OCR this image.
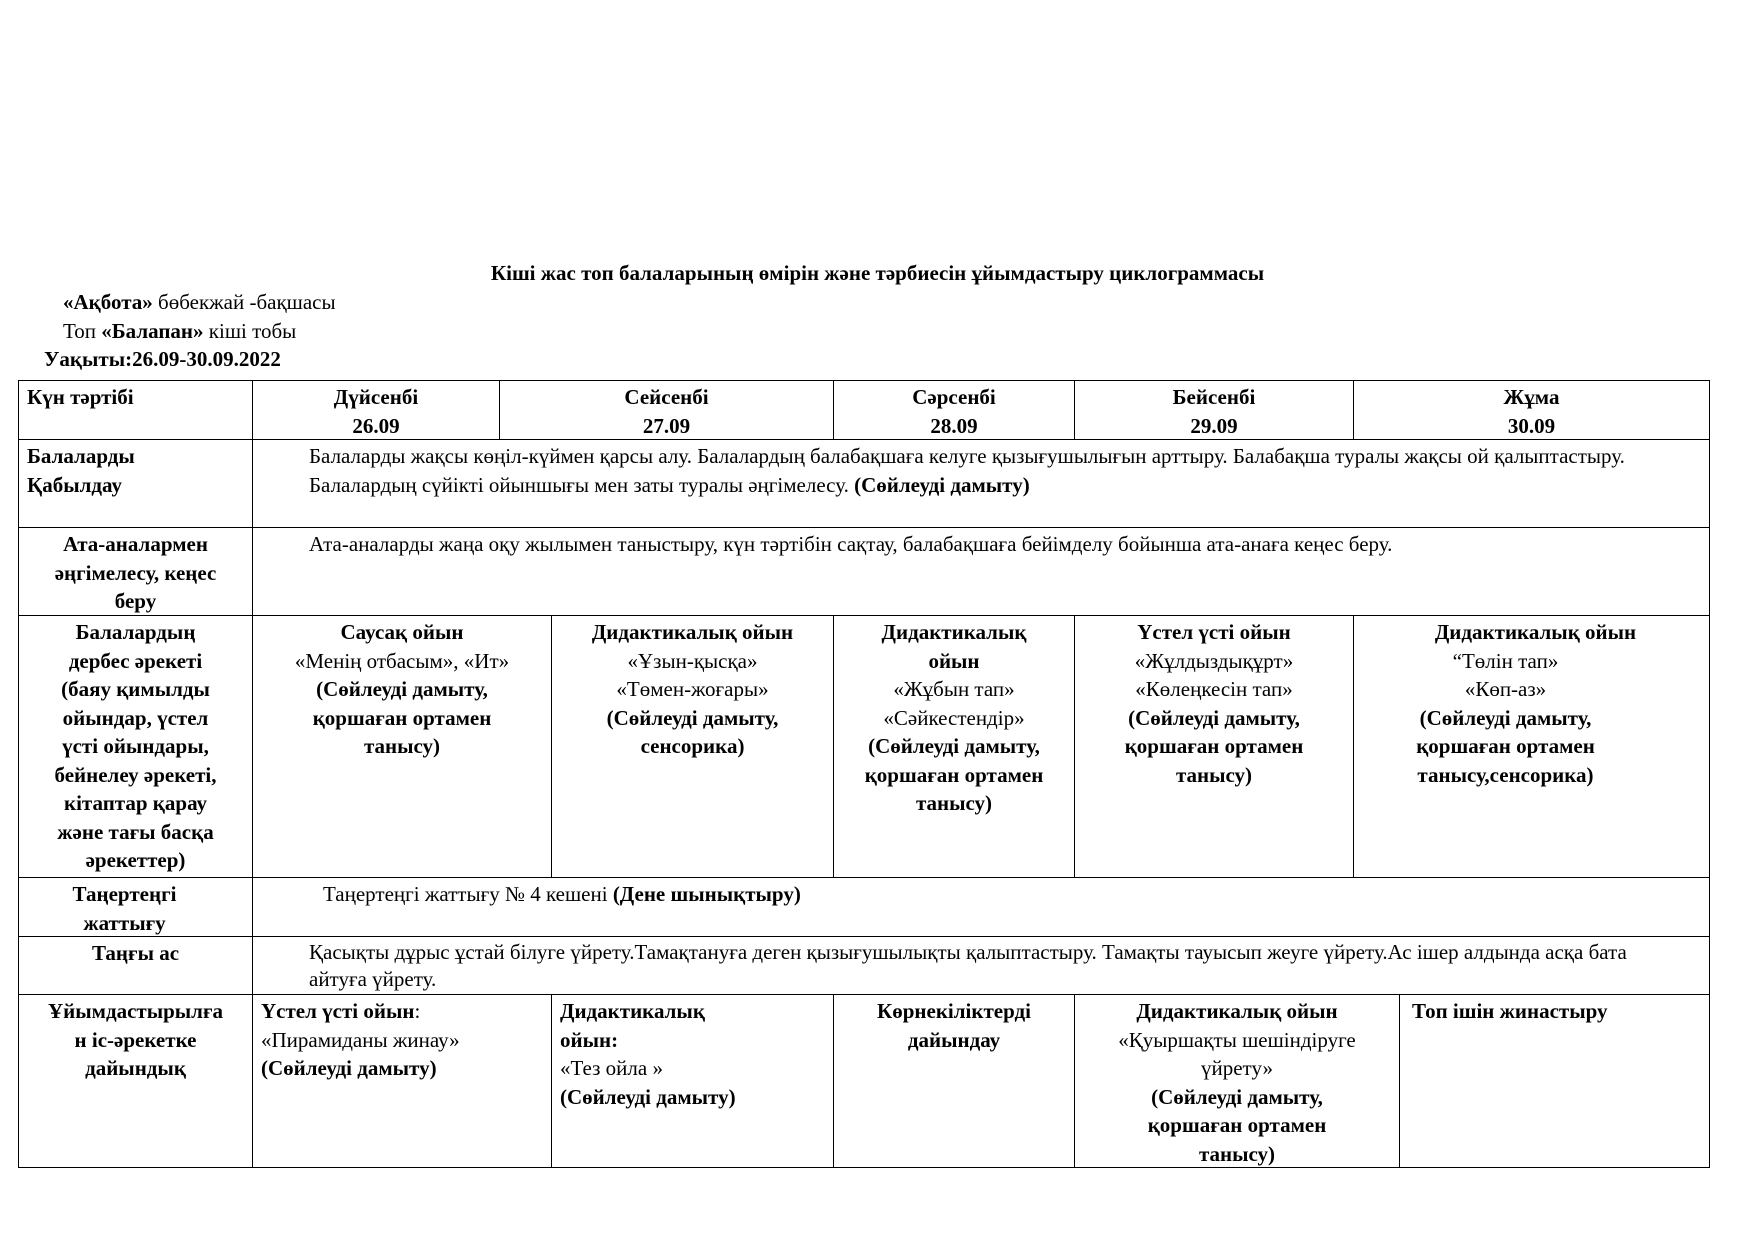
Кіші жас топ балаларының өмірін және тәрбиесін ұйымдастыру циклограммасы
«Ақбота» бөбекжай -бақшасы
Топ «Балапан» кіші тобы
Уақыты:26.09-30.09.2022
Күн тәртібі	Дүйсенбі
26.09
Сейсенбі
27.09
Сәрсенбі
28.09
Бейсенбі
29.09
Жұма
30.09
Балаларды
Қабылдау
Балаларды жақсы көңіл-күймен қарсы алу. Балалардың балабақшаға келуге қызығушылығын арттыру. Балабақша туралы жақсы ой қалыптастыру. Балалардың сүйікті ойыншығы мен заты туралы әңгімелесу. (Сөйлеуді дамыту)
Ата-аналармен
әңгімелесу, кеңес
беру
Ата-аналарды жаңа оқу жылымен таныстыру, күн тәртібін сақтау, балабақшаға бейімделу бойынша ата-анаға кеңес беру.
Балалардың
дербес әрекеті
(баяу қимылды
ойындар, үстел
үсті ойындары,
бейнелеу әрекеті,
кітаптар қарау
және тағы басқа
әрекеттер)
Саусақ ойын
«Менің отбасым», «Ит»
(Сөйлеуді дамыту,
қоршаған ортамен
танысу)
Дидактикалық ойын
«Ұзын-қысқа»
«Төмен-жоғары»
(Сөйлеуді дамыту,
сенсорика)
Дидактикалық
ойын
«Жұбын тап»
«Сәйкестендір»
(Сөйлеуді дамыту,
қоршаған ортамен
танысу)
Үстел үсті ойын
«Жұлдыздықұрт»
«Көлеңкесін тап»
(Сөйлеуді дамыту,
қоршаған ортамен
танысу)
Дидактикалық ойын
“Төлін тап»
«Көп-аз»
(Сөйлеуді дамыту,
қоршаған ортамен
танысу,сенсорика)
Таңертеңгі
жаттығу
Таңертеңгі жаттығу № 4 кешені (Дене шынықтыру)
Таңғы ас	Қасықты дұрыс ұстай білуге үйрету.Тамақтануға деген қызығушылықты қалыптастыру. Тамақты тауысып жеуге үйрету.Ас ішер алдында асқа бата айтуға үйрету.
Ұйымдастырылға
н іс-әрекетке
дайындық
Үстел үсті ойын:
«Пирамиданы жинау»
(Сөйлеуді дамыту)
Дидактикалық
ойын:
«Тез ойла »
(Сөйлеуді дамыту)
Көрнекіліктерді
дайындау
Дидактикалық ойын
«Қуыршақты шешіндіруге
үйрету»
(Сөйлеуді дамыту,
қоршаған ортамен
танысу)
Топ ішін жинастыру
